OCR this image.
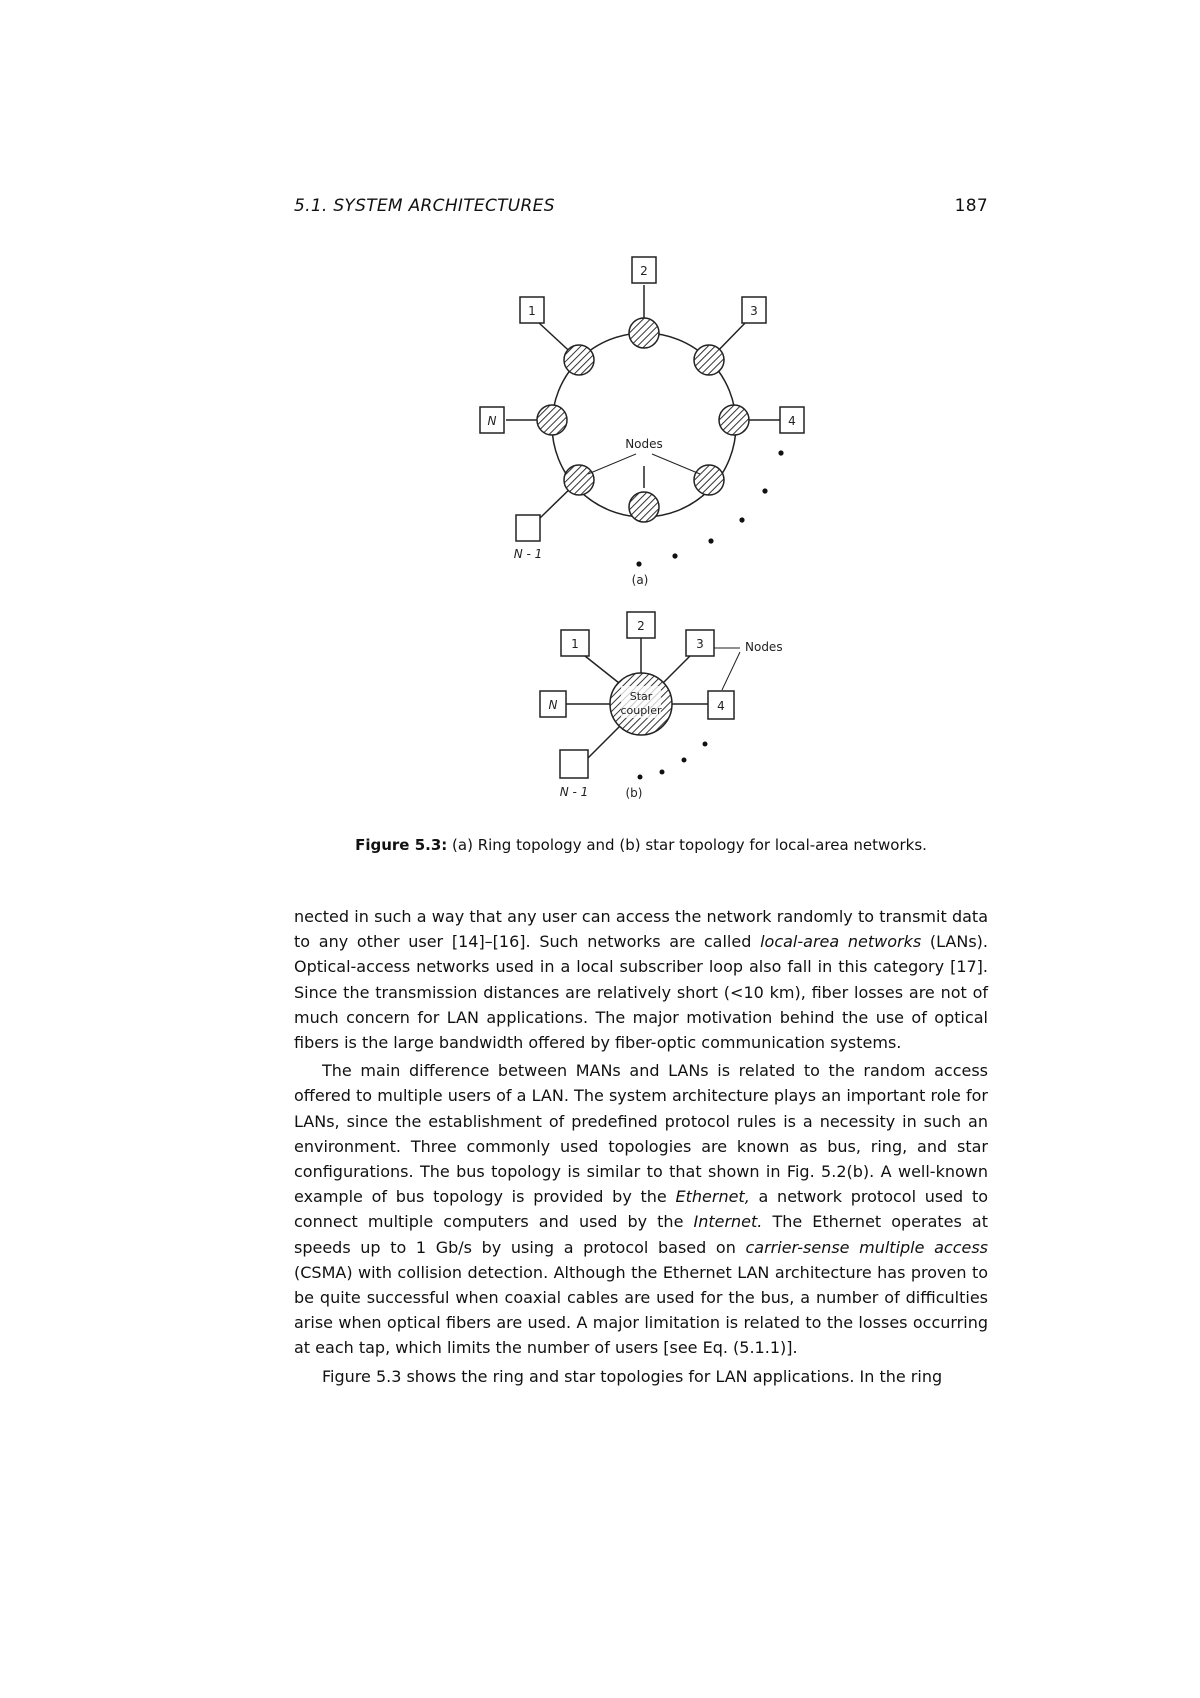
5.1. SYSTEM ARCHITECTURES	187
2
1	3
N	4
N - 1
Nodes
(a)
Star
coupler
2
1	3
N	4
N - 1
Nodes
(b)
Figure 5.3: (a) Ring topology and (b) star topology for local-area networks.

nected in such a way that any user can access the network randomly to transmit data to any other user [14]–[16]. Such networks are called local-area networks (LANs). Optical-access networks used in a local subscriber loop also fall in this category [17]. Since the transmission distances are relatively short (<10 km), fiber losses are not of much concern for LAN applications. The major motivation behind the use of optical fibers is the large bandwidth offered by fiber-optic communication systems.

The main difference between MANs and LANs is related to the random access offered to multiple users of a LAN. The system architecture plays an important role for LANs, since the establishment of predefined protocol rules is a necessity in such an environment. Three commonly used topologies are known as bus, ring, and star configurations. The bus topology is similar to that shown in Fig. 5.2(b). A well-known example of bus topology is provided by the Ethernet, a network protocol used to connect multiple computers and used by the Internet. The Ethernet operates at speeds up to 1 Gb/s by using a protocol based on carrier-sense multiple access (CSMA) with collision detection. Although the Ethernet LAN architecture has proven to be quite successful when coaxial cables are used for the bus, a number of difficulties arise when optical fibers are used. A major limitation is related to the losses occurring at each tap, which limits the number of users [see Eq. (5.1.1)].

Figure 5.3 shows the ring and star topologies for LAN applications. In the ring
